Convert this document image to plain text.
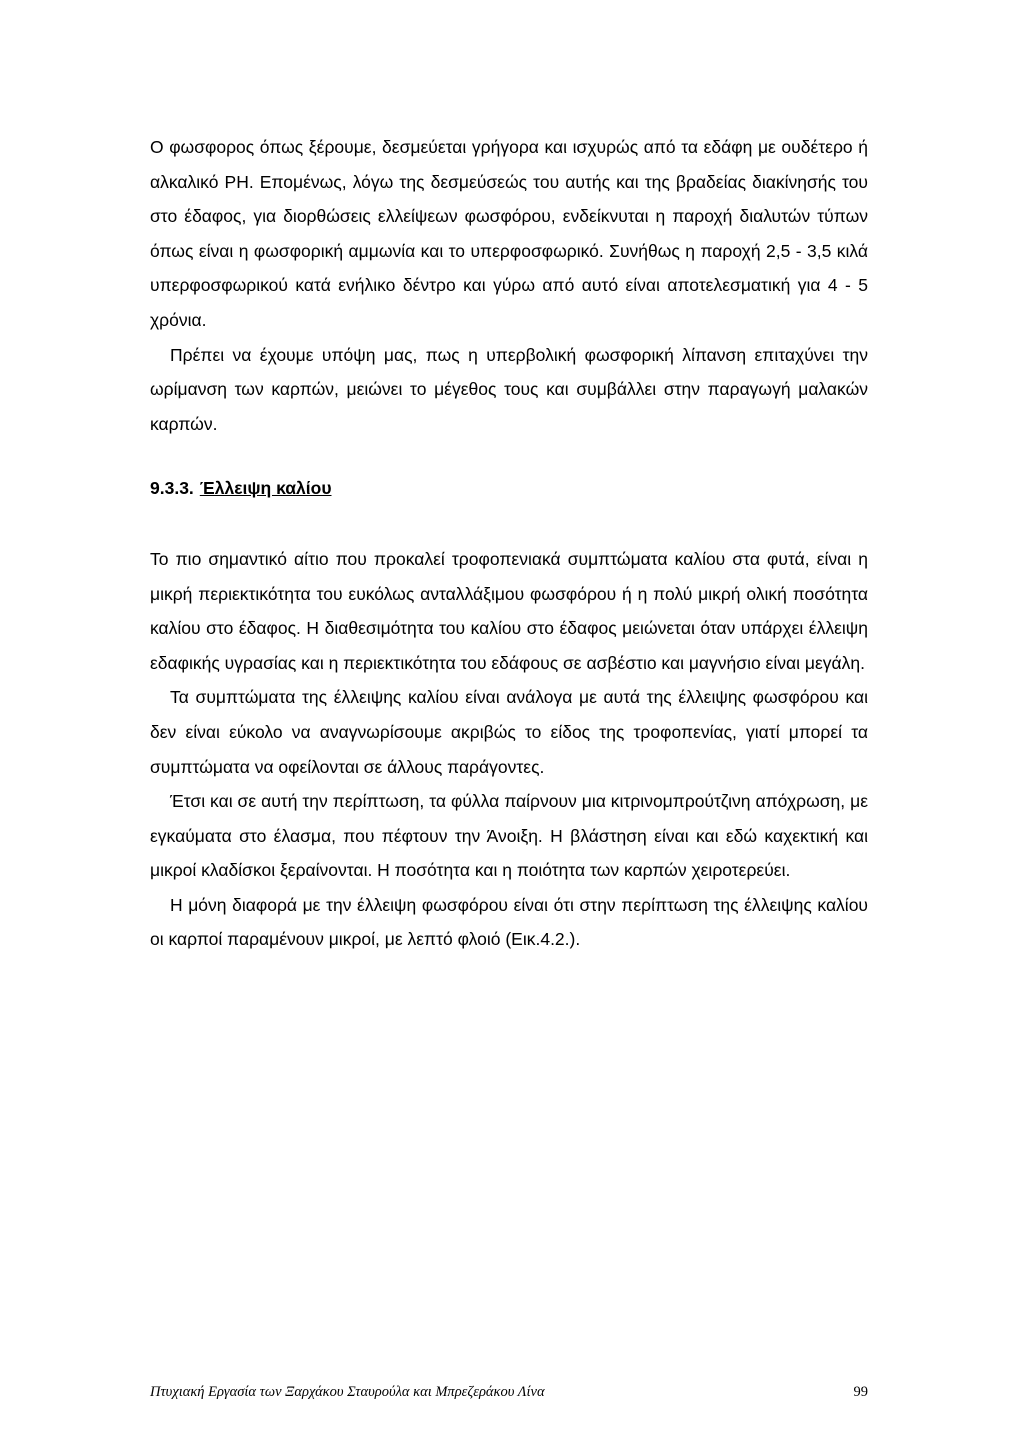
Ο φωσφορος όπως ξέρουμε, δεσμεύεται γρήγορα και ισχυρώς από τα εδάφη με ουδέτερο ή αλκαλικό PH. Επομένως, λόγω της δεσμεύσεώς του αυτής και της βραδείας διακίνησής του στο έδαφος, για διορθώσεις ελλείψεων φωσφόρου, ενδείκνυται η παροχή διαλυτών τύπων όπως είναι η φωσφορική αμμωνία και το υπερφοσφωρικό. Συνήθως η παροχή 2,5 - 3,5 κιλά υπερφοσφωρικού κατά ενήλικο δέντρο και γύρω από αυτό είναι αποτελεσματική για 4 - 5 χρόνια.

Πρέπει να έχουμε υπόψη μας, πως η υπερβολική φωσφορική λίπανση επιταχύνει την ωρίμανση των καρπών, μειώνει το μέγεθος τους και συμβάλλει στην παραγωγή μαλακών καρπών.

9.3.3. Έλλειψη καλίου

Το πιο σημαντικό αίτιο που προκαλεί τροφοπενιακά συμπτώματα καλίου στα φυτά, είναι η μικρή περιεκτικότητα του ευκόλως ανταλλάξιμου φωσφόρου ή η πολύ μικρή ολική ποσότητα καλίου στο έδαφος. Η διαθεσιμότητα του καλίου στο έδαφος μειώνεται όταν υπάρχει έλλειψη εδαφικής υγρασίας και η περιεκτικότητα του εδάφους σε ασβέστιο και μαγνήσιο είναι μεγάλη.

Τα συμπτώματα της έλλειψης καλίου είναι ανάλογα με αυτά της έλλειψης φωσφόρου και δεν είναι εύκολο να αναγνωρίσουμε ακριβώς το είδος της τροφοπενίας, γιατί μπορεί τα συμπτώματα να οφείλονται σε άλλους παράγοντες.

Έτσι και σε αυτή την περίπτωση, τα φύλλα παίρνουν μια κιτρινομπρούτζινη απόχρωση, με εγκαύματα στο έλασμα, που πέφτουν την Άνοιξη. Η βλάστηση είναι και εδώ καχεκτική και μικροί κλαδίσκοι ξεραίνονται. Η ποσότητα και η ποιότητα των καρπών χειροτερεύει.

Η μόνη διαφορά με την έλλειψη φωσφόρου είναι ότι στην περίπτωση της έλλειψης καλίου οι καρποί παραμένουν μικροί, με λεπτό φλοιό (Εικ.4.2.).

Πτυχιακή Εργασία των Ξαρχάκου Σταυρούλα και Μπρεζεράκου Λίνα	99
